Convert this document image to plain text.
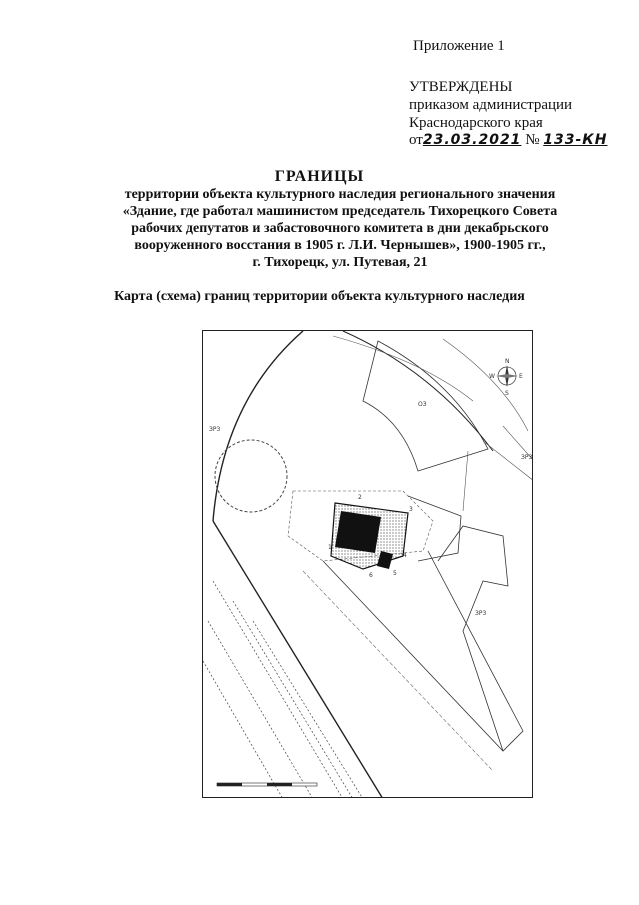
Приложение 1
УТВЕРЖДЕНЫ
приказом администрации
Краснодарского края
от23.03.2021 № 133-КН
ГРАНИЦЫ
территории объекта культурного наследия регионального значения
«Здание, где работал машинистом председатель Тихорецкого Совета
рабочих депутатов и забастовочного комитета в дни декабрьского
вооруженного восстания в 1905 г. Л.И. Чернышев», 1900-1905 гг.,
г. Тихорецк, ул. Путевая, 21
Карта (схема) границ территории объекта культурного наследия
N
S
E
W
ЗР3
ЗР3
ОЗ
ЗР3
1
2
3
4
5
6
